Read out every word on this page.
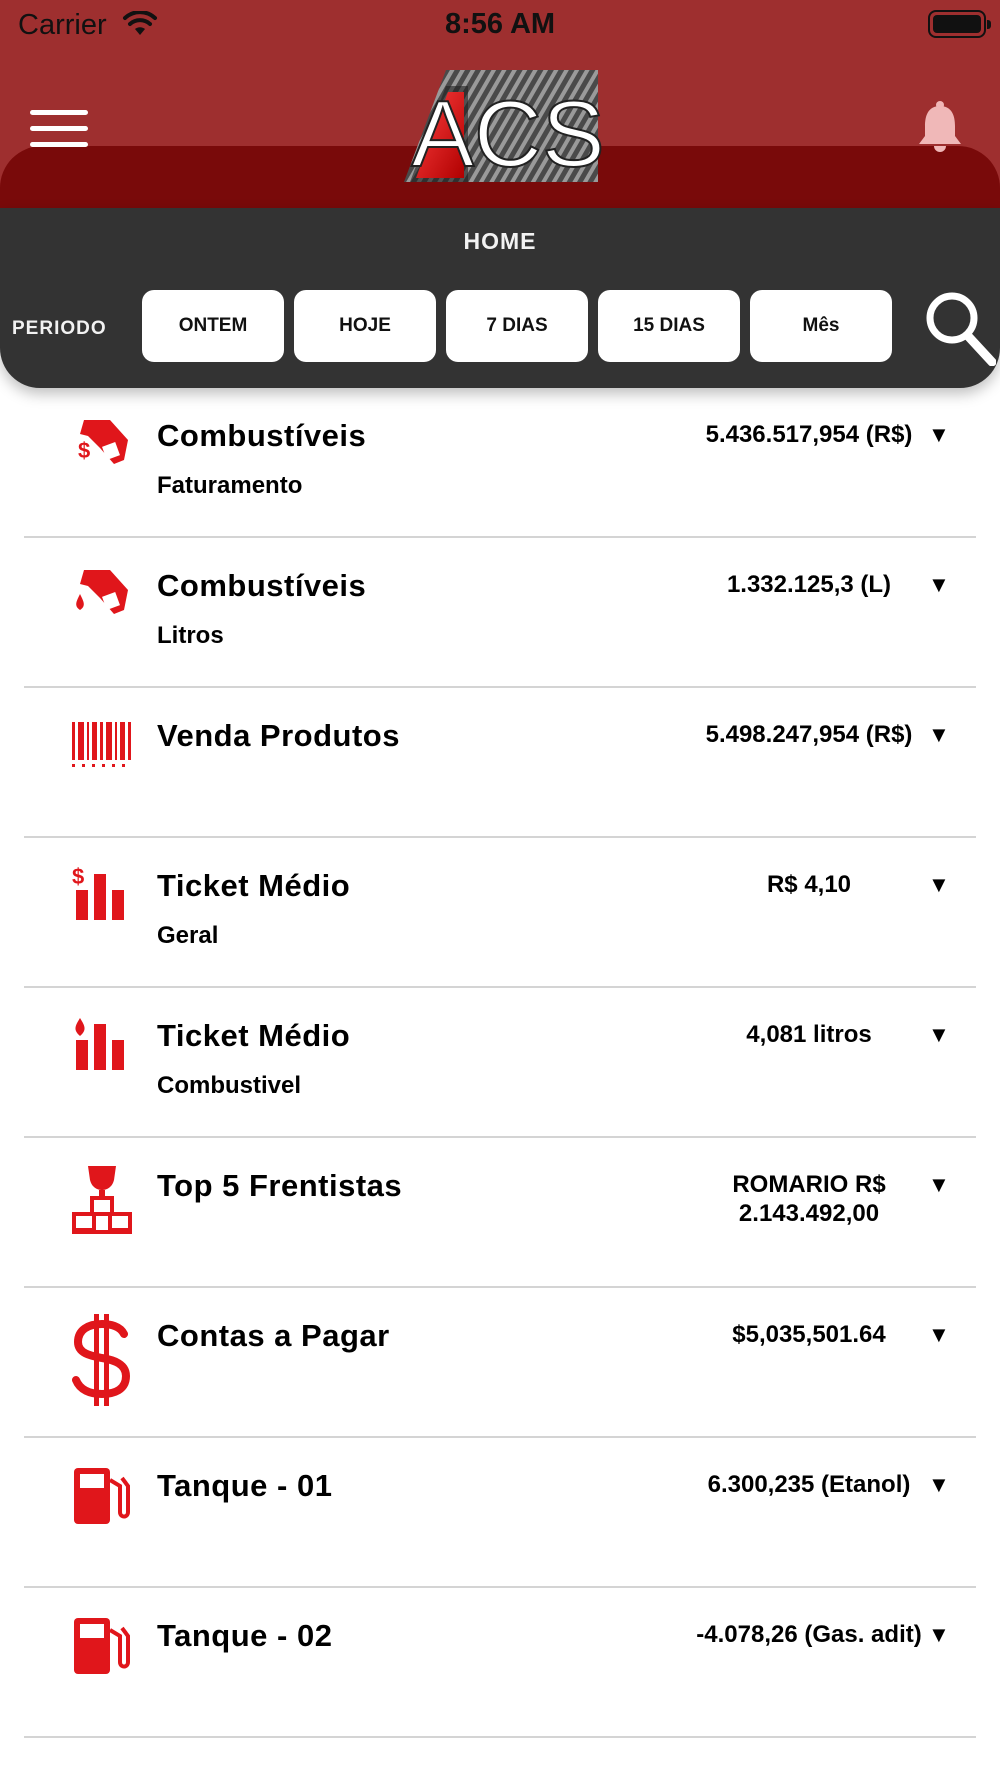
Carrier	8:56 AM
ACS
HOME
PERIODO	ONTEM	HOJE	7 DIAS	15 DIAS	Mês
$ Combustíveis
Faturamento
5.436.517,954 (R$) ▼
Combustíveis
Litros
1.332.125,3 (L)	▼
Venda Produtos	5.498.247,954 (R$) ▼
$ Ticket Médio
Geral
R$ 4,10	▼
Ticket Médio
Combustivel
4,081 litros	▼
Top 5 Frentistas	ROMARIO R$ 2.143.492,00
▼
Contas a Pagar	$5,035,501.64	▼
Tanque - 01	6.300,235 (Etanol) ▼
Tanque - 02	-4.078,26 (Gas. adit) ▼
